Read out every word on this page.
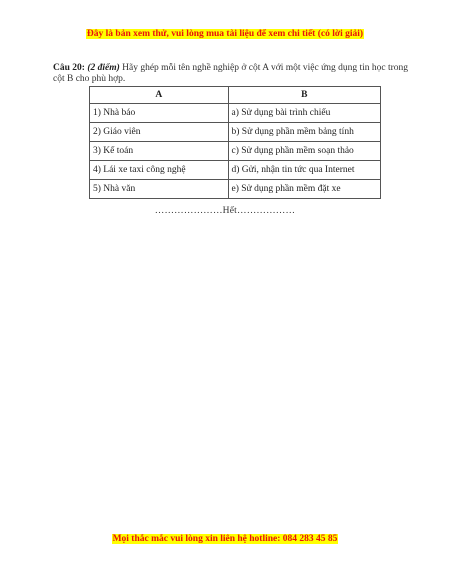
Đây là bản xem thử, vui lòng mua tài liệu để xem chi tiết (có lời giải)
Câu 20: (2 điểm) Hãy ghép mỗi tên nghề nghiệp ở cột A với một việc ứng dụng tin học trong cột B cho phù hợp.
A	B
1) Nhà báo	a) Sử dụng bài trình chiếu
2) Giáo viên	b) Sử dụng phần mềm bảng tính
3) Kế toán	c) Sử dụng phần mềm soạn thảo
4) Lái xe taxi công nghệ	d) Gửi, nhận tin tức qua Internet
5) Nhà văn	e) Sử dụng phần mềm đặt xe
…………………Hết………………
Mọi thắc mắc vui lòng xin liên hệ hotline: 084 283 45 85
